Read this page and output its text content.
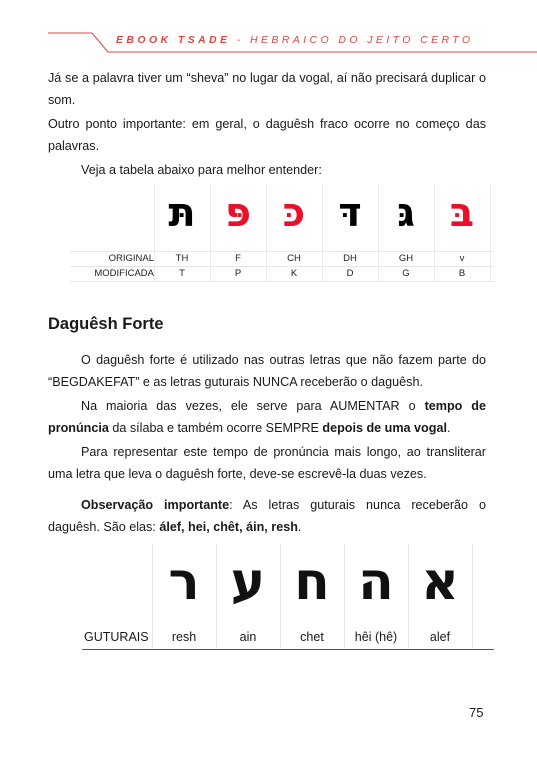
EBOOK TSADE - HEBRAICO DO JEITO CERTO
Já se a palavra tiver um “sheva” no lugar da vogal, aí não precisará duplicar o som.
Outro ponto importante: em geral, o daguêsh fraco ocorre no começo das palavras.
Veja a tabela abaixo para melhor entender:
תּ פּ כּ דּ גּ בּ
ORIGINAL	TH	F	CH	DH	GH	v
MODIFICADA	T	P	K	D	G	B
Daguêsh Forte
O daguêsh forte é utilizado nas outras letras que não fazem parte do “BEGDAKEFAT” e as letras guturais NUNCA receberão o daguêsh.
Na maioria das vezes, ele serve para AUMENTAR o tempo de pronúncia da sílaba e também ocorre SEMPRE depois de uma vogal.
Para representar este tempo de pronúncia mais longo, ao transliterar uma letra que leva o daguêsh forte, deve-se escrevê-la duas vezes.
Observação importante: As letras guturais nunca receberão o daguêsh. São elas: álef, hei, chêt, áin, resh.
ר ע ח ה א
GUTURAIS	resh	ain	chet	hêi (hê)	alef
75
